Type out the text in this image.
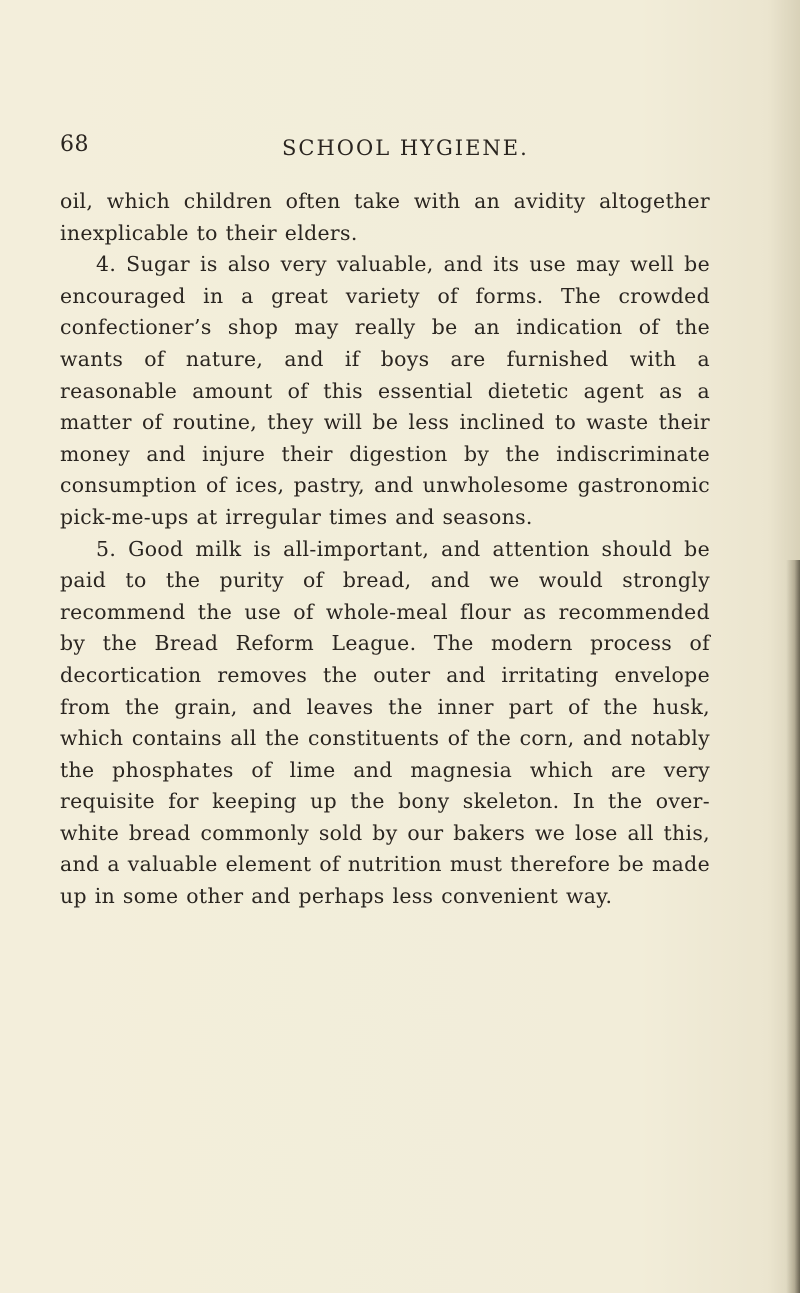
68	SCHOOL HYGIENE.

oil, which children often take with an avidity altogether inexplicable to their elders.

4. Sugar is also very valuable, and its use may well be encouraged in a great variety of forms. The crowded confectioner’s shop may really be an indication of the wants of nature, and if boys are furnished with a reasonable amount of this essential dietetic agent as a matter of routine, they will be less inclined to waste their money and injure their digestion by the indiscriminate consumption of ices, pastry, and unwholesome gastronomic pick-me-ups at irregular times and seasons.

5. Good milk is all-important, and attention should be paid to the purity of bread, and we would strongly recommend the use of whole-meal flour as recommended by the Bread Reform League. The modern process of decortication removes the outer and irritating envelope from the grain, and leaves the inner part of the husk, which contains all the constituents of the corn, and notably the phosphates of lime and magnesia which are very requisite for keeping up the bony skeleton. In the over-white bread commonly sold by our bakers we lose all this, and a valuable element of nutrition must therefore be made up in some other and perhaps less convenient way.
